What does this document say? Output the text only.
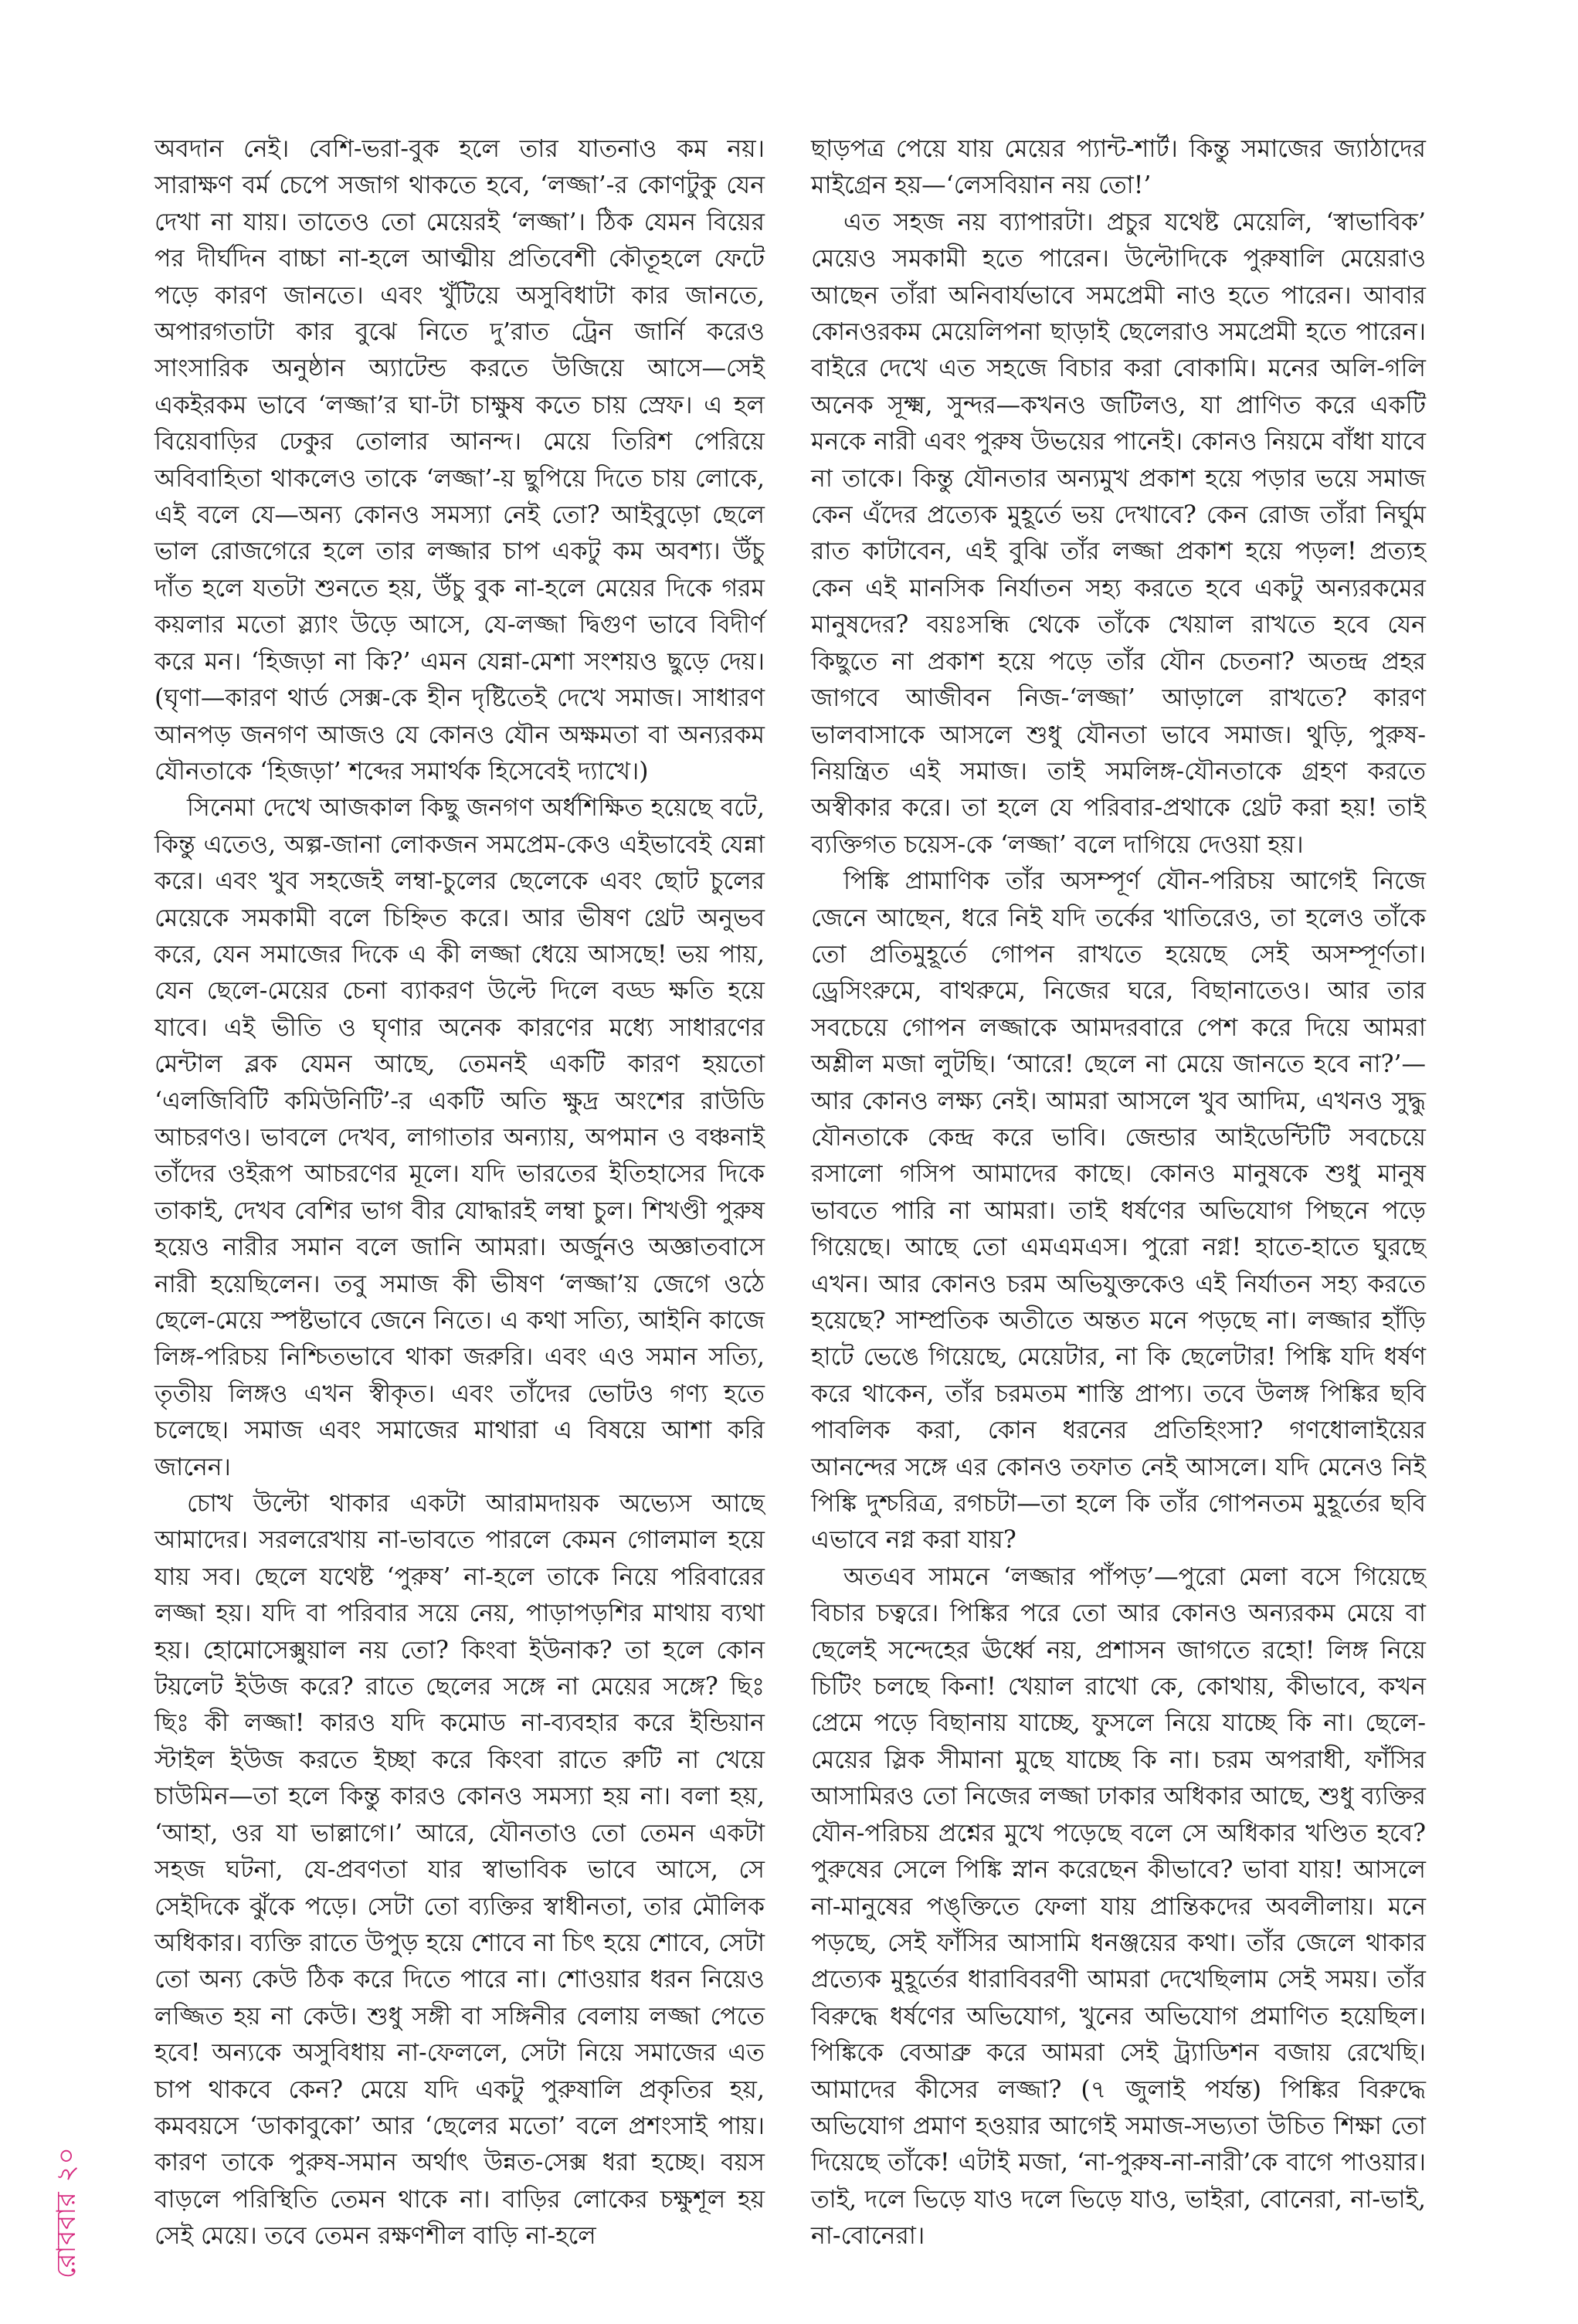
অবদান নেই। বেশি-ভরা-বুক হলে তার যাতনাও কম নয়। সারাক্ষণ বর্ম চেপে সজাগ থাকতে হবে, ‘লজ্জা’-র কোণটুকু যেন দেখা না যায়। তাতেও তো মেয়েরই ‘লজ্জা’। ঠিক যেমন বিয়ের পর দীর্ঘদিন বাচ্চা না-হলে আত্মীয় প্রতিবেশী কৌতূহলে ফেটে পড়ে কারণ জানতে। এবং খুঁটিয়ে অসুবিধাটা কার জানতে, অপারগতাটা কার বুঝে নিতে দু’রাত ট্রেন জার্নি করেও সাংসারিক অনুষ্ঠান অ্যাটেন্ড করতে উজিয়ে আসে—সেই একইরকম ভাবে ‘লজ্জা’র ঘা-টা চাক্ষুষ কতে চায় স্রেফ। এ হল বিয়েবাড়ির ঢেকুর তোলার আনন্দ। মেয়ে তিরিশ পেরিয়ে অবিবাহিতা থাকলেও তাকে ‘লজ্জা’-য় ছুপিয়ে দিতে চায় লোকে, এই বলে যে—অন্য কোনও সমস্যা নেই তো? আইবুড়ো ছেলে ভাল রোজগেরে হলে তার লজ্জার চাপ একটু কম অবশ্য। উঁচু দাঁত হলে যতটা শুনতে হয়, উঁচু বুক না-হলে মেয়ের দিকে গরম কয়লার মতো স্ল্যাং উড়ে আসে, যে-লজ্জা দ্বিগুণ ভাবে বিদীর্ণ করে মন। ‘হিজড়া না কি?’ এমন যেন্না-মেশা সংশয়ও ছুড়ে দেয়। (ঘৃণা—কারণ থার্ড সেক্স-কে হীন দৃষ্টিতেই দেখে সমাজ। সাধারণ আনপড় জনগণ আজও যে কোনও যৌন অক্ষমতা বা অন্যরকম যৌনতাকে ‘হিজড়া’ শব্দের সমার্থক হিসেবেই দ্যাখে।)

সিনেমা দেখে আজকাল কিছু জনগণ অর্ধশিক্ষিত হয়েছে বটে, কিন্তু এতেও, অল্প-জানা লোকজন সমপ্রেম-কেও এইভাবেই যেন্না করে। এবং খুব সহজেই লম্বা-চুলের ছেলেকে এবং ছোট চুলের মেয়েকে সমকামী বলে চিহ্নিত করে। আর ভীষণ থ্রেট অনুভব করে, যেন সমাজের দিকে এ কী লজ্জা ধেয়ে আসছে! ভয় পায়, যেন ছেলে-মেয়ের চেনা ব্যাকরণ উল্টে দিলে বড্ড ক্ষতি হয়ে যাবে। এই ভীতি ও ঘৃণার অনেক কারণের মধ্যে সাধারণের মেন্টাল ব্লক যেমন আছে, তেমনই একটি কারণ হয়তো ‘এলজিবিটি কমিউনিটি’-র একটি অতি ক্ষুদ্র অংশের রাউডি আচরণও। ভাবলে দেখব, লাগাতার অন্যায়, অপমান ও বঞ্চনাই তাঁদের ওইরূপ আচরণের মূলে। যদি ভারতের ইতিহাসের দিকে তাকাই, দেখব বেশির ভাগ বীর যোদ্ধারই লম্বা চুল। শিখণ্ডী পুরুষ হয়েও নারীর সমান বলে জানি আমরা। অর্জুনও অজ্ঞাতবাসে নারী হয়েছিলেন। তবু সমাজ কী ভীষণ ‘লজ্জা’য় জেগে ওঠে ছেলে-মেয়ে স্পষ্টভাবে জেনে নিতে। এ কথা সত্যি, আইনি কাজে লিঙ্গ-পরিচয় নিশ্চিতভাবে থাকা জরুরি। এবং এও সমান সত্যি, তৃতীয় লিঙ্গও এখন স্বীকৃত। এবং তাঁদের ভোটও গণ্য হতে চলেছে। সমাজ এবং সমাজের মাথারা এ বিষয়ে আশা করি জানেন।

চোখ উল্টো থাকার একটা আরামদায়ক অভ্যেস আছে আমাদের। সরলরেখায় না-ভাবতে পারলে কেমন গোলমাল হয়ে যায় সব। ছেলে যথেষ্ট ‘পুরুষ’ না-হলে তাকে নিয়ে পরিবারের লজ্জা হয়। যদি বা পরিবার সয়ে নেয়, পাড়াপড়শির মাথায় ব্যথা হয়। হোমোসেক্সুয়াল নয় তো? কিংবা ইউনাক? তা হলে কোন টয়লেট ইউজ করে? রাতে ছেলের সঙ্গে না মেয়ের সঙ্গে? ছিঃ ছিঃ কী লজ্জা! কারও যদি কমোড না-ব্যবহার করে ইন্ডিয়ান স্টাইল ইউজ করতে ইচ্ছা করে কিংবা রাতে রুটি না খেয়ে চাউমিন—তা হলে কিন্তু কারও কোনও সমস্যা হয় না। বলা হয়, ‘আহা, ওর যা ভাল্লাগে।’ আরে, যৌনতাও তো তেমন একটা সহজ ঘটনা, যে-প্রবণতা যার স্বাভাবিক ভাবে আসে, সে সেইদিকে ঝুঁকে পড়ে। সেটা তো ব্যক্তির স্বাধীনতা, তার মৌলিক অধিকার। ব্যক্তি রাতে উপুড় হয়ে শোবে না চিৎ হয়ে শোবে, সেটা তো অন্য কেউ ঠিক করে দিতে পারে না। শোওয়ার ধরন নিয়েও লজ্জিত হয় না কেউ। শুধু সঙ্গী বা সঙ্গিনীর বেলায় লজ্জা পেতে হবে! অন্যকে অসুবিধায় না-ফেললে, সেটা নিয়ে সমাজের এত চাপ থাকবে কেন? মেয়ে যদি একটু পুরুষালি প্রকৃতির হয়, কমবয়সে ‘ডাকাবুকো’ আর ‘ছেলের মতো’ বলে প্রশংসাই পায়। কারণ তাকে পুরুষ-সমান অর্থাৎ উন্নত-সেক্স ধরা হচ্ছে। বয়স বাড়লে পরিস্থিতি তেমন থাকে না। বাড়ির লোকের চক্ষুশূল হয় সেই মেয়ে। তবে তেমন রক্ষণশীল বাড়ি না-হলে

ছাড়পত্র পেয়ে যায় মেয়ের প্যান্ট-শার্ট। কিন্তু সমাজের জ্যাঠাদের মাইগ্রেন হয়—‘লেসবিয়ান নয় তো!’

এত সহজ নয় ব্যাপারটা। প্রচুর যথেষ্ট মেয়েলি, ‘স্বাভাবিক’ মেয়েও সমকামী হতে পারেন। উল্টোদিকে পুরুষালি মেয়েরাও আছেন তাঁরা অনিবার্যভাবে সমপ্রেমী নাও হতে পারেন। আবার কোনওরকম মেয়েলিপনা ছাড়াই ছেলেরাও সমপ্রেমী হতে পারেন। বাইরে দেখে এত সহজে বিচার করা বোকামি। মনের অলি-গলি অনেক সূক্ষ্ম, সুন্দর—কখনও জটিলও, যা প্রাণিত করে একটি মনকে নারী এবং পুরুষ উভয়ের পানেই। কোনও নিয়মে বাঁধা যাবে না তাকে। কিন্তু যৌনতার অন্যমুখ প্রকাশ হয়ে পড়ার ভয়ে সমাজ কেন এঁদের প্রত্যেক মুহূর্তে ভয় দেখাবে? কেন রোজ তাঁরা নির্ঘুম রাত কাটাবেন, এই বুঝি তাঁর লজ্জা প্রকাশ হয়ে পড়ল! প্রত্যহ কেন এই মানসিক নির্যাতন সহ্য করতে হবে একটু অন্যরকমের মানুষদের? বয়ঃসন্ধি থেকে তাঁকে খেয়াল রাখতে হবে যেন কিছুতে না প্রকাশ হয়ে পড়ে তাঁর যৌন চেতনা? অতন্দ্র প্রহর জাগবে আজীবন নিজ-‘লজ্জা’ আড়ালে রাখতে? কারণ ভালবাসাকে আসলে শুধু যৌনতা ভাবে সমাজ। থুড়ি, পুরুষ-নিয়ন্ত্রিত এই সমাজ। তাই সমলিঙ্গ-যৌনতাকে গ্রহণ করতে অস্বীকার করে। তা হলে যে পরিবার-প্রথাকে থ্রেট করা হয়! তাই ব্যক্তিগত চয়েস-কে ‘লজ্জা’ বলে দাগিয়ে দেওয়া হয়।

পিঙ্কি প্রামাণিক তাঁর অসম্পূর্ণ যৌন-পরিচয় আগেই নিজে জেনে আছেন, ধরে নিই যদি তর্কের খাতিরেও, তা হলেও তাঁকে তো প্রতিমুহূর্তে গোপন রাখতে হয়েছে সেই অসম্পূর্ণতা। ড্রেসিংরুমে, বাথরুমে, নিজের ঘরে, বিছানাতেও। আর তার সবচেয়ে গোপন লজ্জাকে আমদরবারে পেশ করে দিয়ে আমরা অশ্লীল মজা লুটছি। ‘আরে! ছেলে না মেয়ে জানতে হবে না?’—আর কোনও লক্ষ্য নেই। আমরা আসলে খুব আদিম, এখনও সুদ্ধু যৌনতাকে কেন্দ্র করে ভাবি। জেন্ডার আইডেন্টিটি সবচেয়ে রসালো গসিপ আমাদের কাছে। কোনও মানুষকে শুধু মানুষ ভাবতে পারি না আমরা। তাই ধর্ষণের অভিযোগ পিছনে পড়ে গিয়েছে। আছে তো এমএমএস। পুরো নগ্ন! হাতে-হাতে ঘুরছে এখন। আর কোনও চরম অভিযুক্তকেও এই নির্যাতন সহ্য করতে হয়েছে? সাম্প্রতিক অতীতে অন্তত মনে পড়ছে না। লজ্জার হাঁড়ি হাটে ভেঙে গিয়েছে, মেয়েটার, না কি ছেলেটার! পিঙ্কি যদি ধর্ষণ করে থাকেন, তাঁর চরমতম শাস্তি প্রাপ্য। তবে উলঙ্গ পিঙ্কির ছবি পাবলিক করা, কোন ধরনের প্রতিহিংসা? গণধোলাইয়ের আনন্দের সঙ্গে এর কোনও তফাত নেই আসলে। যদি মেনেও নিই পিঙ্কি দুশ্চরিত্র, রগচটা—তা হলে কি তাঁর গোপনতম মুহূর্তের ছবি এভাবে নগ্ন করা যায়?

অতএব সামনে ‘লজ্জার পাঁপড়’—পুরো মেলা বসে গিয়েছে বিচার চত্বরে। পিঙ্কির পরে তো আর কোনও অন্যরকম মেয়ে বা ছেলেই সন্দেহের ঊর্ধ্বে নয়, প্রশাসন জাগতে রহো! লিঙ্গ নিয়ে চিটিং চলছে কিনা! খেয়াল রাখো কে, কোথায়, কীভাবে, কখন প্রেমে পড়ে বিছানায় যাচ্ছে, ফুসলে নিয়ে যাচ্ছে কি না। ছেলে-মেয়ের স্লিক সীমানা মুছে যাচ্ছে কি না। চরম অপরাধী, ফাঁসির আসামিরও তো নিজের লজ্জা ঢাকার অধিকার আছে, শুধু ব্যক্তির যৌন-পরিচয় প্রশ্নের মুখে পড়েছে বলে সে অধিকার খণ্ডিত হবে? পুরুষের সেলে পিঙ্কি স্নান করেছেন কীভাবে? ভাবা যায়! আসলে না-মানুষের পঙ্‌ক্তিতে ফেলা যায় প্রান্তিকদের অবলীলায়। মনে পড়ছে, সেই ফাঁসির আসামি ধনঞ্জয়ের কথা। তাঁর জেলে থাকার প্রত্যেক মুহূর্তের ধারাবিবরণী আমরা দেখেছিলাম সেই সময়। তাঁর বিরুদ্ধে ধর্ষণের অভিযোগ, খুনের অভিযোগ প্রমাণিত হয়েছিল। পিঙ্কিকে বেআব্রু করে আমরা সেই ট্র্যাডিশন বজায় রেখেছি। আমাদের কীসের লজ্জা? (৭ জুলাই পর্যন্ত) পিঙ্কির বিরুদ্ধে অভিযোগ প্রমাণ হওয়ার আগেই সমাজ-সভ্যতা উচিত শিক্ষা তো দিয়েছে তাঁকে! এটাই মজা, ‘না-পুরুষ-না-নারী’কে বাগে পাওয়ার। তাই, দলে ভিড়ে যাও দলে ভিড়ে যাও, ভাইরা, বোনেরা, না-ভাই, না-বোনেরা।

রোববার ২০
